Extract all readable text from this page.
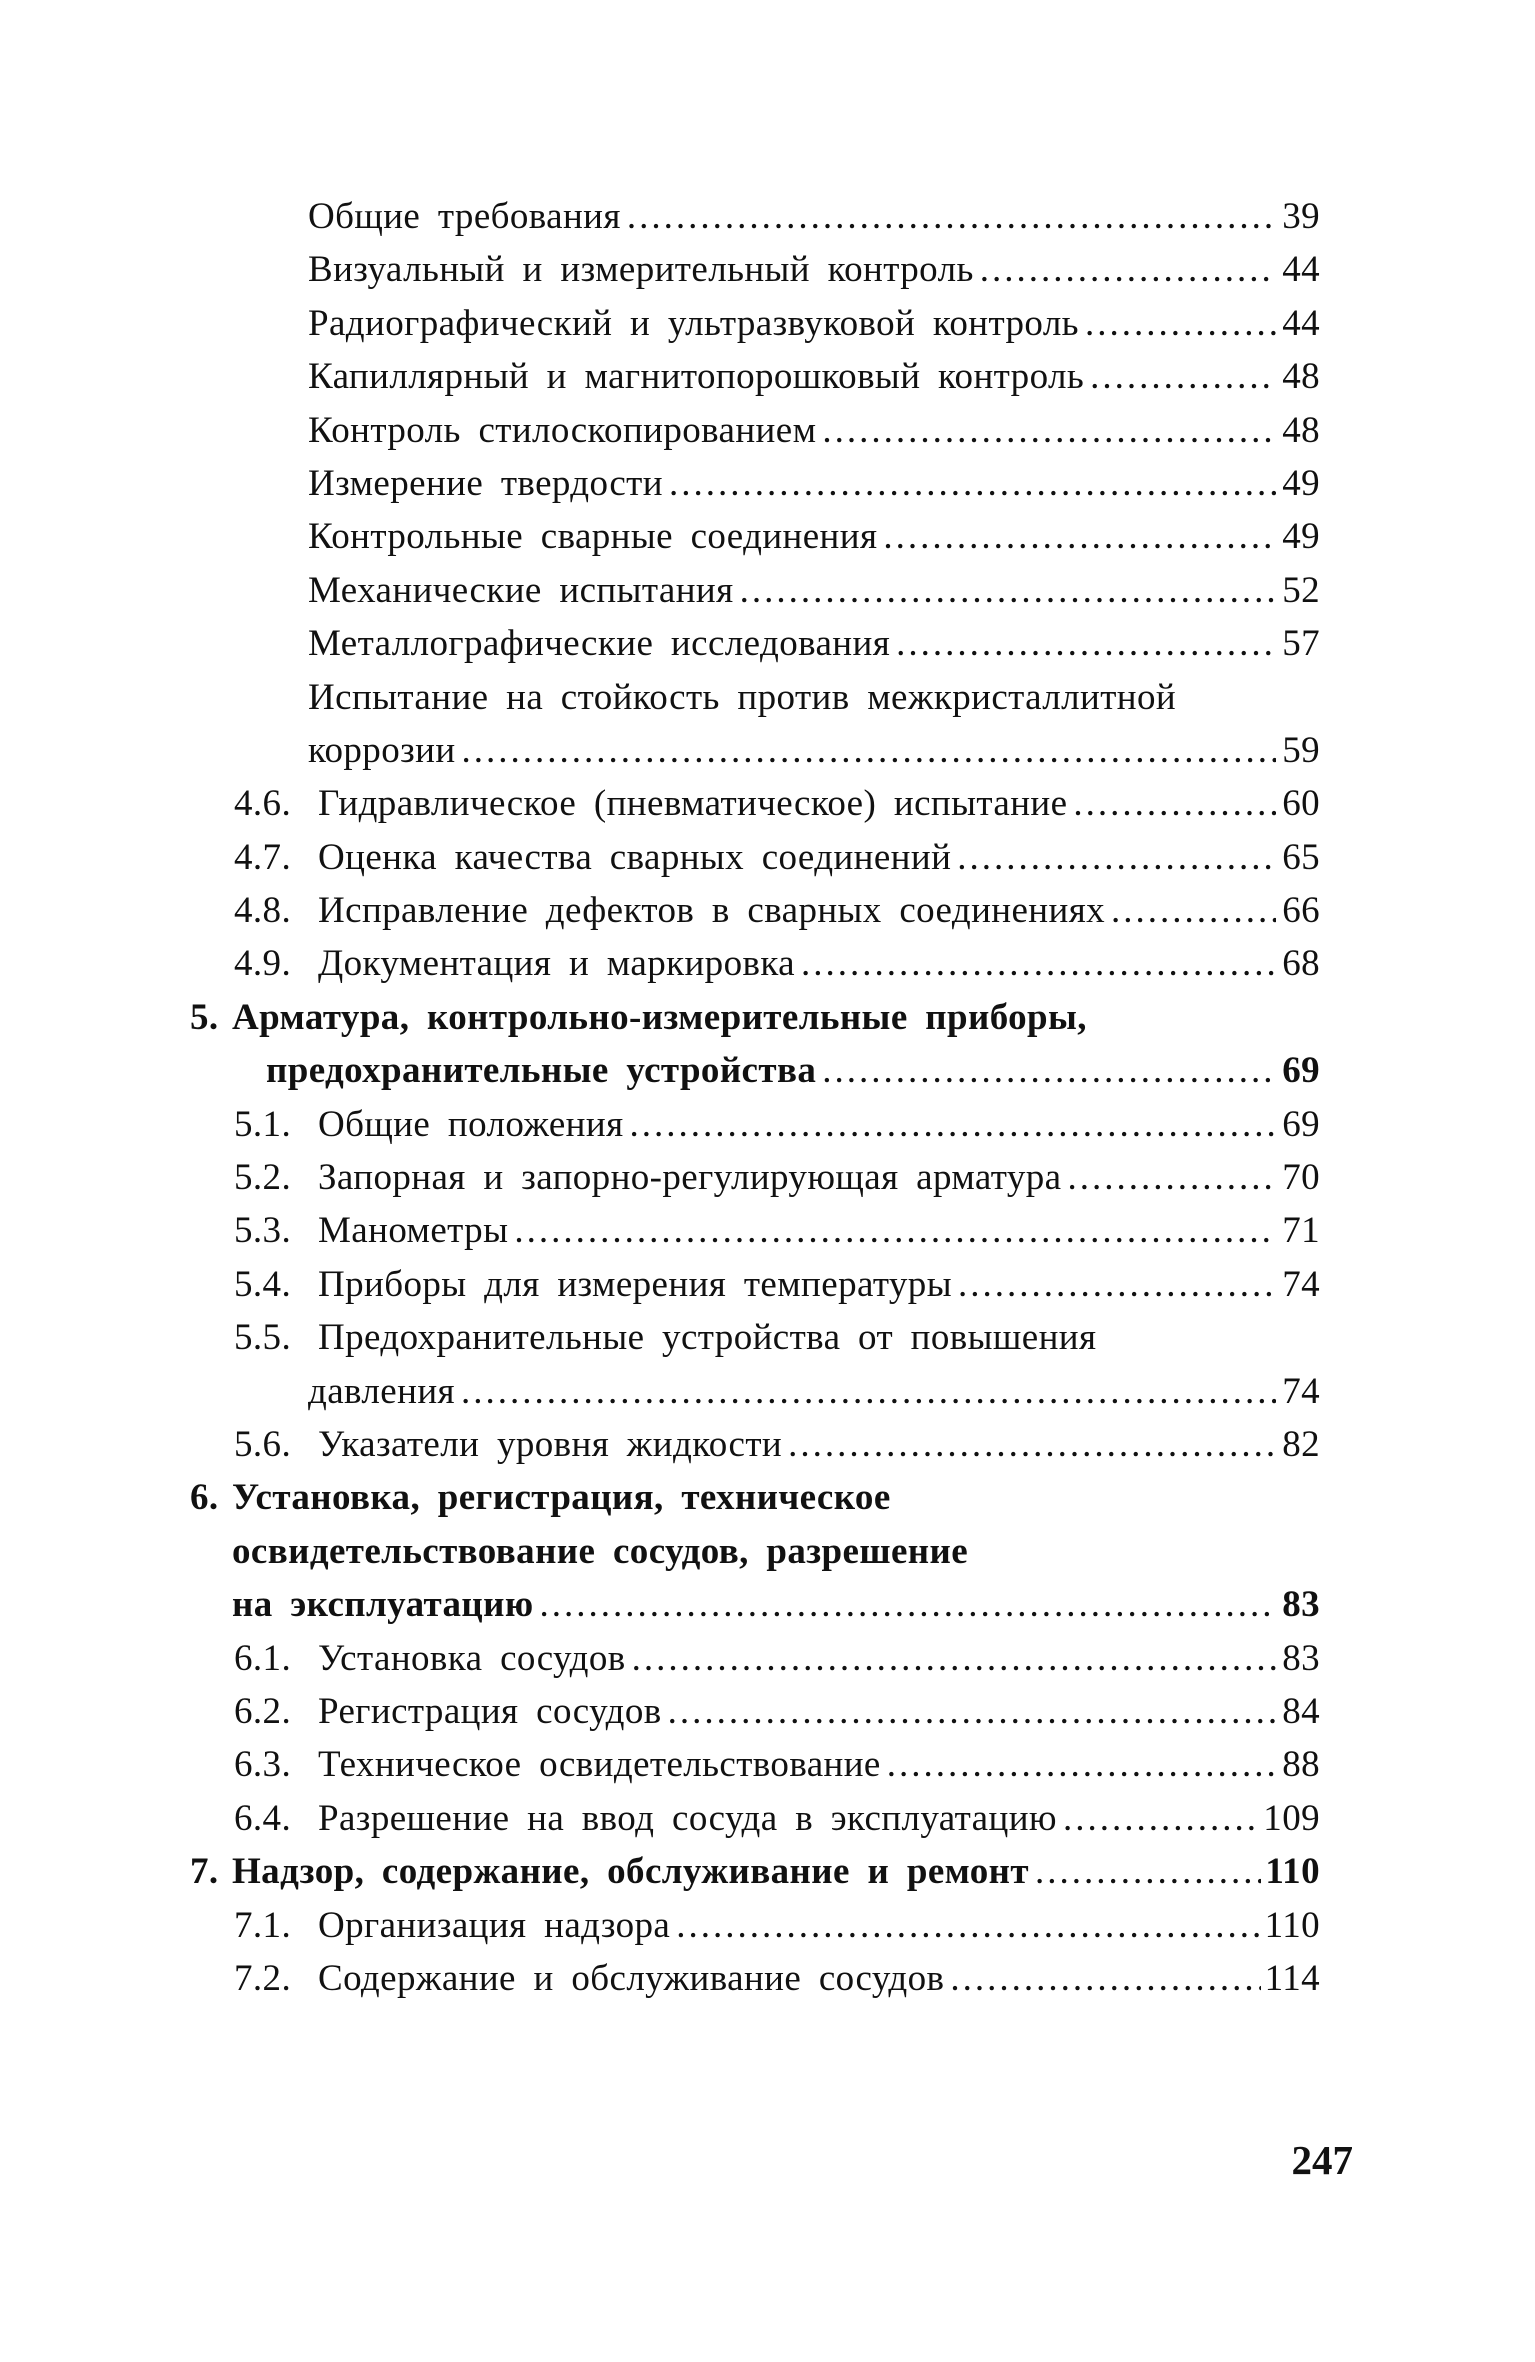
Общие требования .....	39
Визуальный и измерительный контроль .....	44
Радиографический и ультразвуковой контроль .....	44
Капиллярный и магнитопорошковый контроль .....	48
Контроль стилоскопированием .....	48
Измерение твердости .....	49
Контрольные сварные соединения .....	49
Механические испытания .....	52
Металлографические исследования .....	57
Испытание на стойкость против межкристаллитной
коррозии .....	59
4.6. Гидравлическое (пневматическое) испытание .....	60
4.7. Оценка качества сварных соединений .....	65
4.8. Исправление дефектов в сварных соединениях .....	66
4.9. Документация и маркировка .....	68
5. Арматура, контрольно-измерительные приборы,
предохранительные устройства .....	69
5.1. Общие положения .....	69
5.2. Запорная и запорно-регулирующая арматура .....	70
5.3. Манометры .....	71
5.4. Приборы для измерения температуры .....	74
5.5. Предохранительные устройства от повышения
давления .....	74
5.6. Указатели уровня жидкости .....	82
6. Установка, регистрация, техническое
освидетельствование сосудов, разрешение
на эксплуатацию .....	83
6.1. Установка сосудов .....	83
6.2. Регистрация сосудов .....	84
6.3. Техническое освидетельствование .....	88
6.4. Разрешение на ввод сосуда в эксплуатацию .....	109
7. Надзор, содержание, обслуживание и ремонт .....	110
7.1. Организация надзора .....	110
7.2. Содержание и обслуживание сосудов .....	114
247
